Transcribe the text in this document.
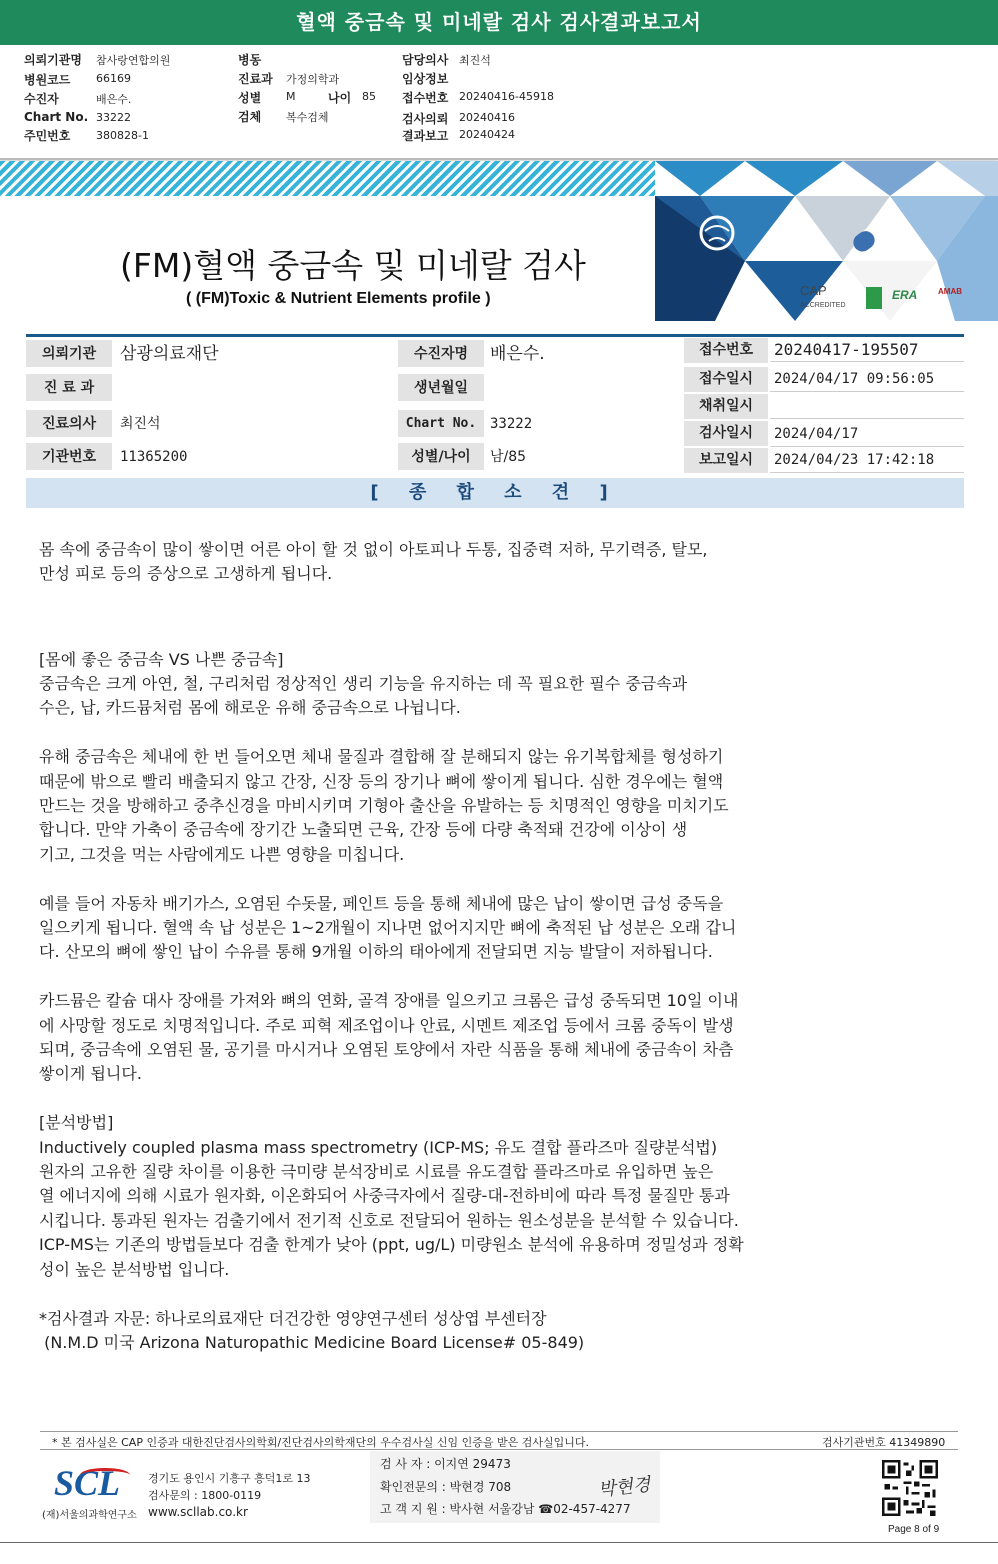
혈액 중금속 및 미네랄 검사 검사결과보고서
의뢰기관명 참사랑연합의원
병원코드 66169
수진자	배은수.
Chart No. 33222
주민번호 380828-1
병동
진료과 가정의학과
성별 M	나이 85
검체 복수검체
담당의사 최진석
임상정보
접수번호 20240416-45918
검사의뢰 20240416
결과보고 20240424
CAP
ACCREDITED
ERA	AMAB
(FM)혈액 중금속 및 미네랄 검사
( (FM)Toxic & Nutrient Elements profile )
의뢰기관	삼광의료재단	수진자명	배은수.
진 료 과	생년월일
진료의사	최진석	Chart No. 33222
기관번호	11365200	성별/나이	남/85
접수번호	20240417-195507
접수일시	2024/04/17 09:56:05
채취일시
검사일시	2024/04/17
보고일시	2024/04/23 17:42:18
[ 종 합 소 견 ]

몸 속에 중금속이 많이 쌓이면 어른 아이 할 것 없이 아토피나 두통, 집중력 저하, 무기력증, 탈모,

만성 피로 등의 증상으로 고생하게 됩니다.

[몸에 좋은 중금속 VS 나쁜 중금속]

중금속은 크게 아연, 철, 구리처럼 정상적인 생리 기능을 유지하는 데 꼭 필요한 필수 중금속과

수은, 납, 카드뮴처럼 몸에 해로운 유해 중금속으로 나뉩니다.

유해 중금속은 체내에 한 번 들어오면 체내 물질과 결합해 잘 분해되지 않는 유기복합체를 형성하기

때문에 밖으로 빨리 배출되지 않고 간장, 신장 등의 장기나 뼈에 쌓이게 됩니다. 심한 경우에는 혈액

만드는 것을 방해하고 중추신경을 마비시키며 기형아 출산을 유발하는 등 치명적인 영향을 미치기도

합니다. 만약 가축이 중금속에 장기간 노출되면 근육, 간장 등에 다량 축적돼 건강에 이상이 생

기고, 그것을 먹는 사람에게도 나쁜 영향을 미칩니다.

예를 들어 자동차 배기가스, 오염된 수돗물, 페인트 등을 통해 체내에 많은 납이 쌓이면 급성 중독을

일으키게 됩니다. 혈액 속 납 성분은 1~2개월이 지나면 없어지지만 뼈에 축적된 납 성분은 오래 갑니

다. 산모의 뼈에 쌓인 납이 수유를 통해 9개월 이하의 태아에게 전달되면 지능 발달이 저하됩니다.

카드뮴은 칼슘 대사 장애를 가져와 뼈의 연화, 골격 장애를 일으키고 크롬은 급성 중독되면 10일 이내

에 사망할 정도로 치명적입니다. 주로 피혁 제조업이나 안료, 시멘트 제조업 등에서 크롬 중독이 발생

되며, 중금속에 오염된 물, 공기를 마시거나 오염된 토양에서 자란 식품을 통해 체내에 중금속이 차츰

쌓이게 됩니다.

[분석방법]

Inductively coupled plasma mass spectrometry (ICP-MS; 유도 결합 플라즈마 질량분석법)

원자의 고유한 질량 차이를 이용한 극미량 분석장비로 시료를 유도결합 플라즈마로 유입하면 높은

열 에너지에 의해 시료가 원자화, 이온화되어 사중극자에서 질량-대-전하비에 따라 특정 물질만 통과

시킵니다. 통과된 원자는 검출기에서 전기적 신호로 전달되어 원하는 원소성분을 분석할 수 있습니다.

ICP-MS는 기존의 방법들보다 검출 한계가 낮아 (ppt, ug/L) 미량원소 분석에 유용하며 정밀성과 정확

성이 높은 분석방법 입니다.

*검사결과 자문: 하나로의료재단 더건강한 영양연구센터 성상엽 부센터장

(N.M.D 미국 Arizona Naturopathic Medicine Board License# 05-849)

* 본 검사실은 CAP 인증과 대한진단검사의학회/진단검사의학재단의 우수검사실 신임 인증을 받은 검사실입니다.	검사기관번호 41349890
SCL
(재)서울의과학연구소
경기도 용인시 기흥구 흥덕1로 13
검사문의 : 1800-0119
www.scllab.co.kr
검 사 자 : 이지연 29473
확인전문의 : 박현경 708
고 객 지 원 : 박사현 서울강남 ☎02-457-4277
박현경
Page 8 of 9
